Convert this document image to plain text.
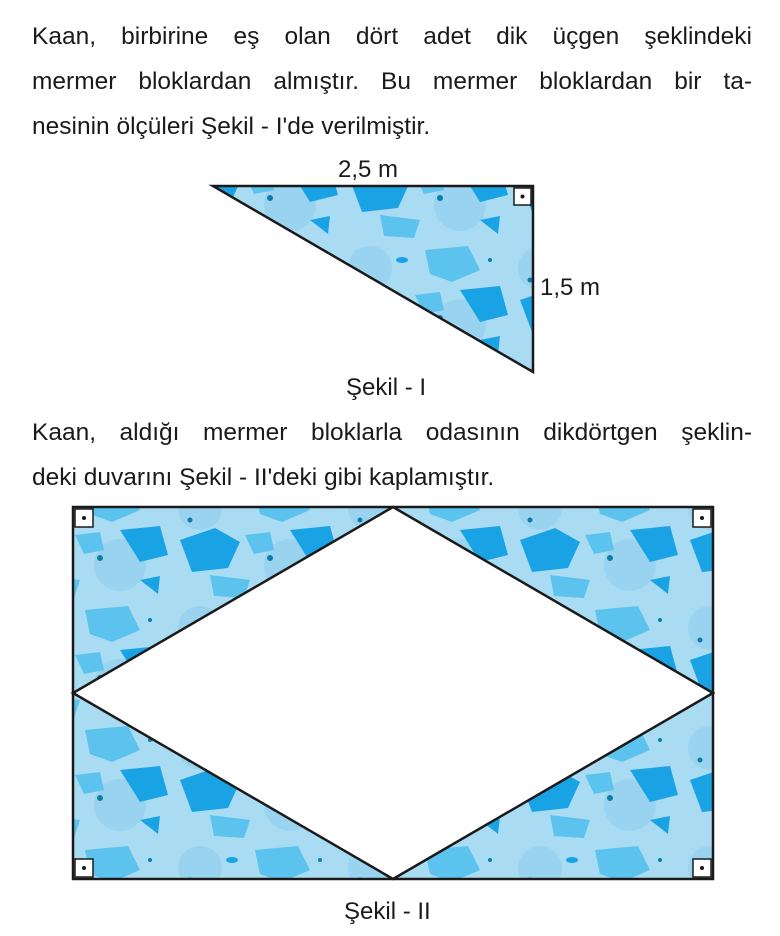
Kaan, birbirine eş olan dört adet dik üçgen şeklindeki
mermer bloklardan almıştır. Bu mermer bloklardan bir ta-
nesinin ölçüleri Şekil - I'de verilmiştir.
2,5 m
1,5 m
Şekil - I
Kaan, aldığı mermer bloklarla odasının dikdörtgen şeklin-
deki duvarını Şekil - II'deki gibi kaplamıştır.
Şekil - II
